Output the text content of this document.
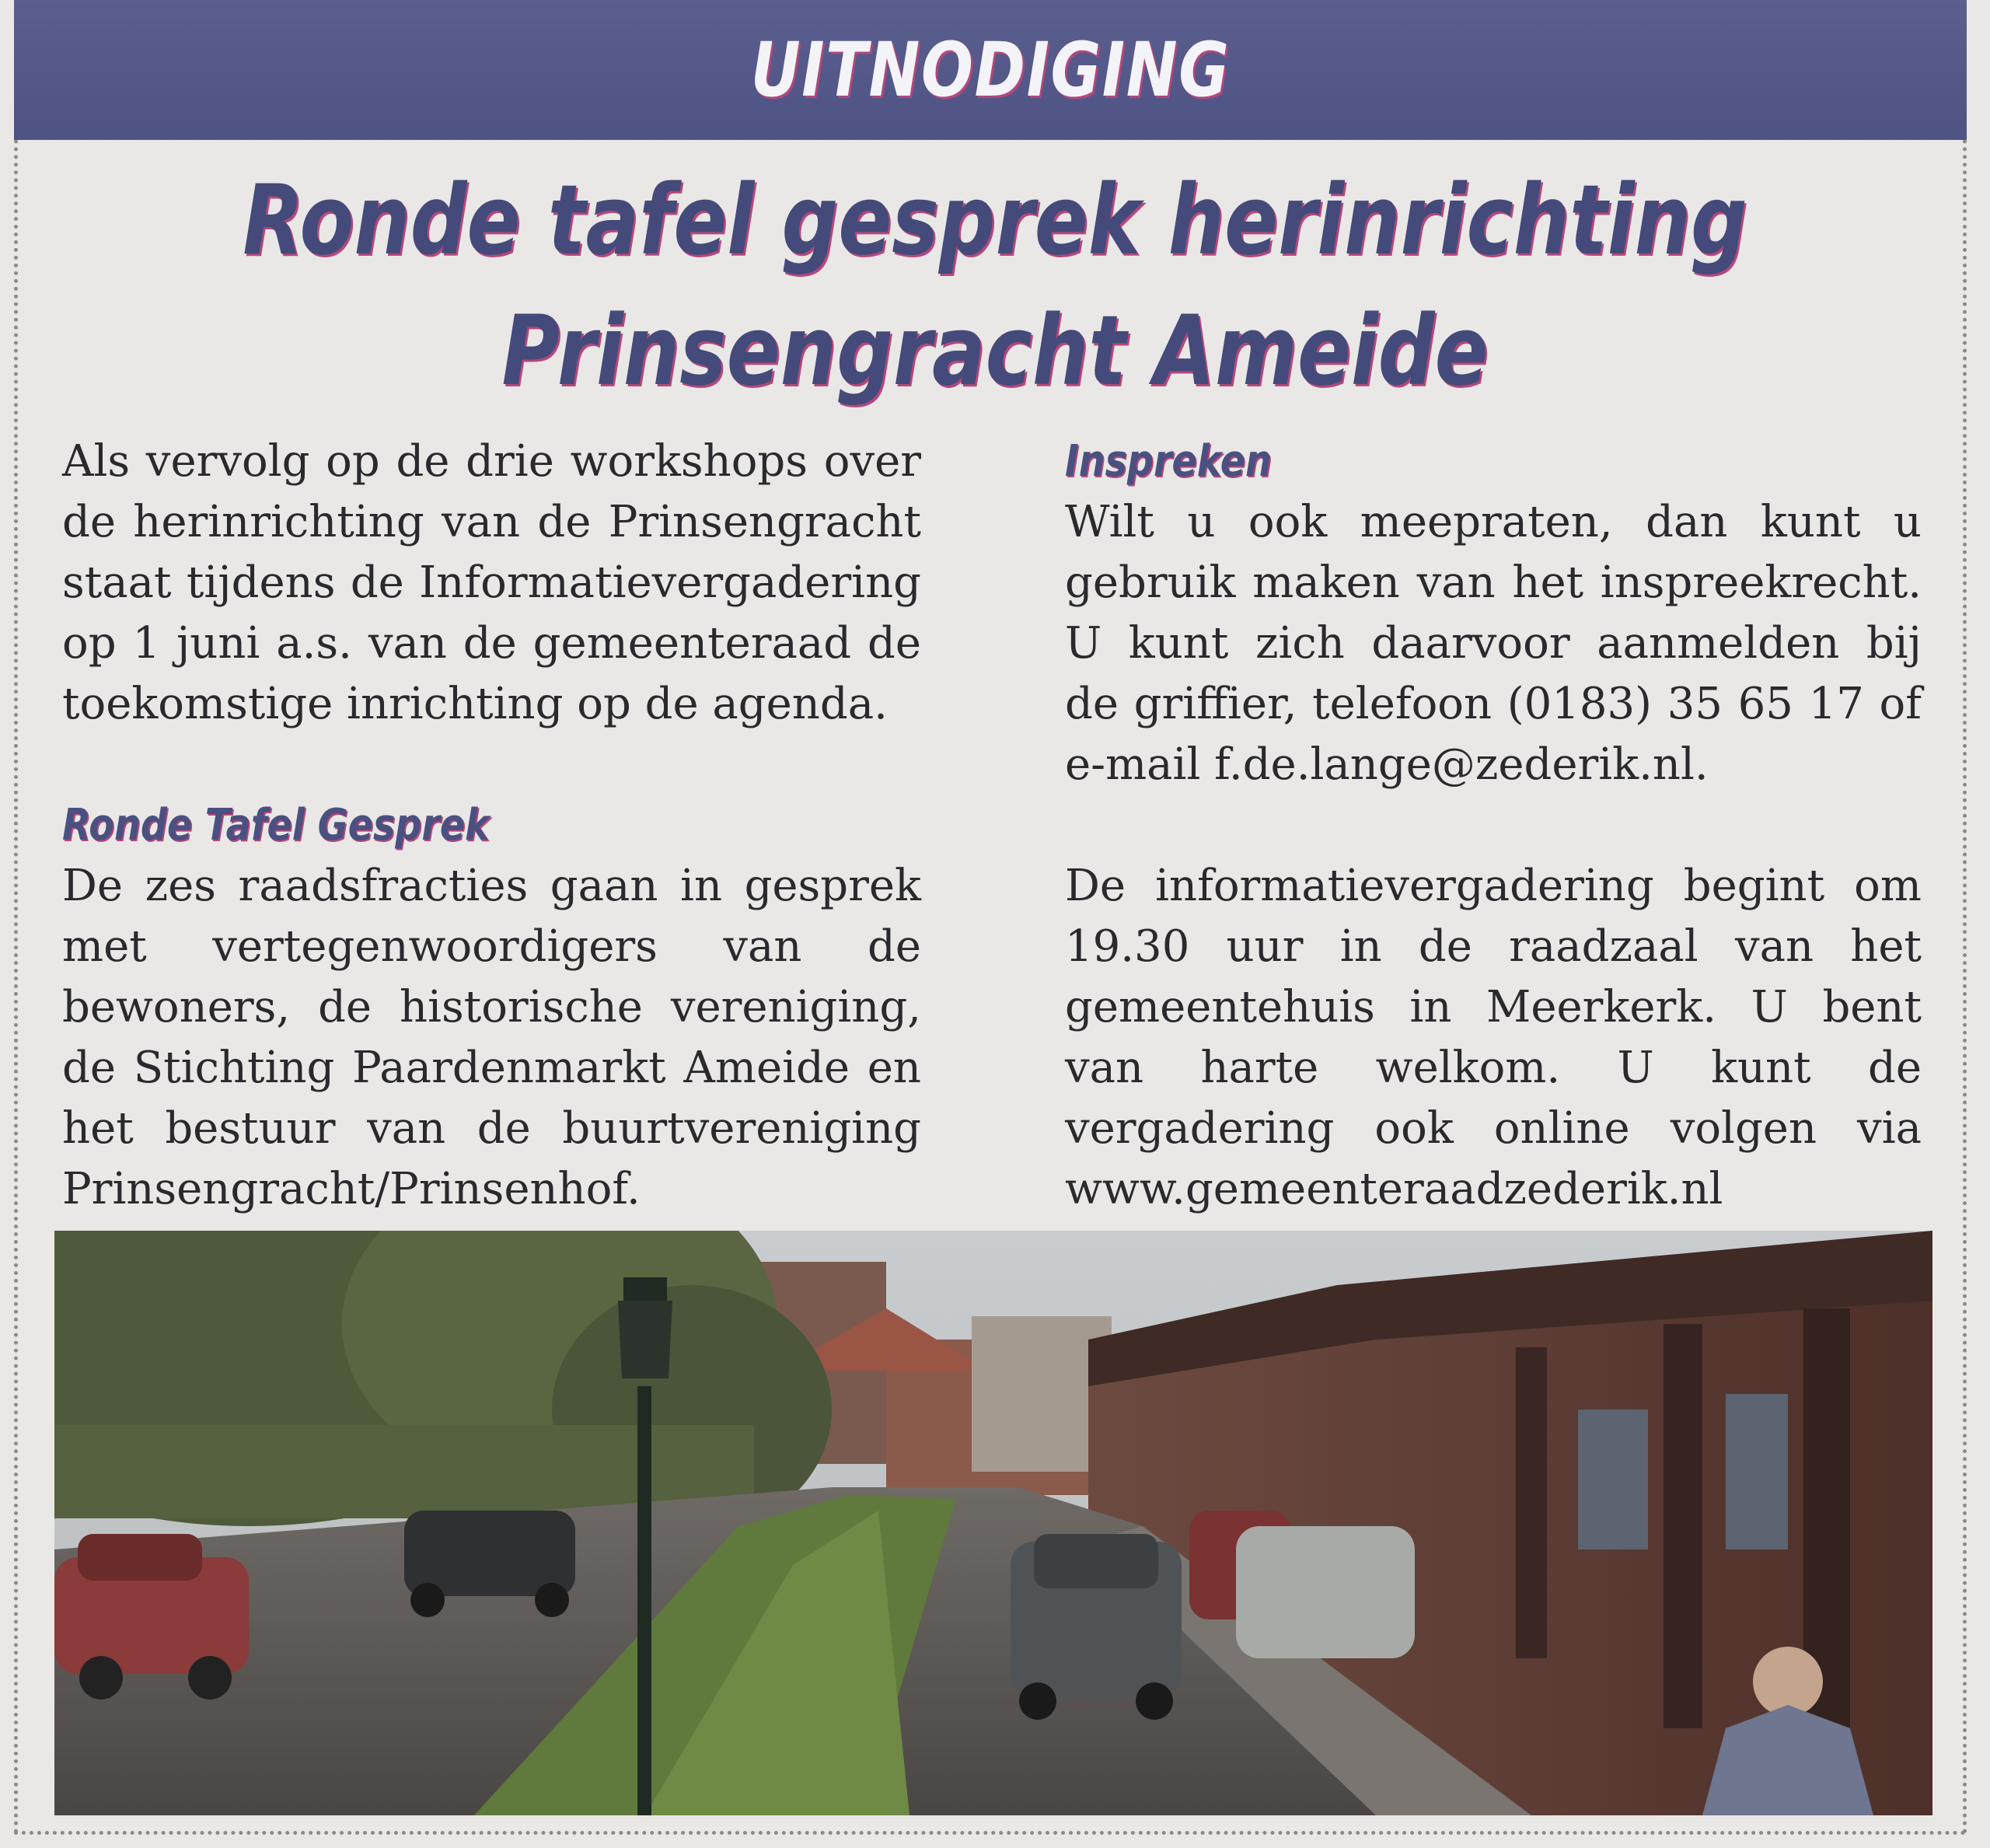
UITNODIGING
Ronde tafel gesprek herinrichting
Prinsengracht Ameide

Als vervolg op de drie workshops over de herinrichting van de Prinsengracht staat tijdens de Informatievergadering op 1 juni a.s. van de gemeenteraad de toekomstige inrichting op de agenda.

Ronde Tafel Gesprek

De zes raadsfracties gaan in gesprek met vertegenwoordigers van de bewoners, de historische vereniging, de Stichting Paardenmarkt Ameide en het bestuur van de buurtvereniging Prinsengracht/Prinsenhof.

Inspreken

Wilt u ook meepraten, dan kunt u gebruik maken van het inspreekrecht. U kunt zich daarvoor aanmelden bij de griffier, telefoon (0183) 35 65 17 of e-mail f.de.lange@zederik.nl.

De informatievergadering begint om 19.30 uur in de raadzaal van het gemeentehuis in Meerkerk. U bent van harte welkom. U kunt de vergadering ook online volgen via www.gemeenteraadzederik.nl
